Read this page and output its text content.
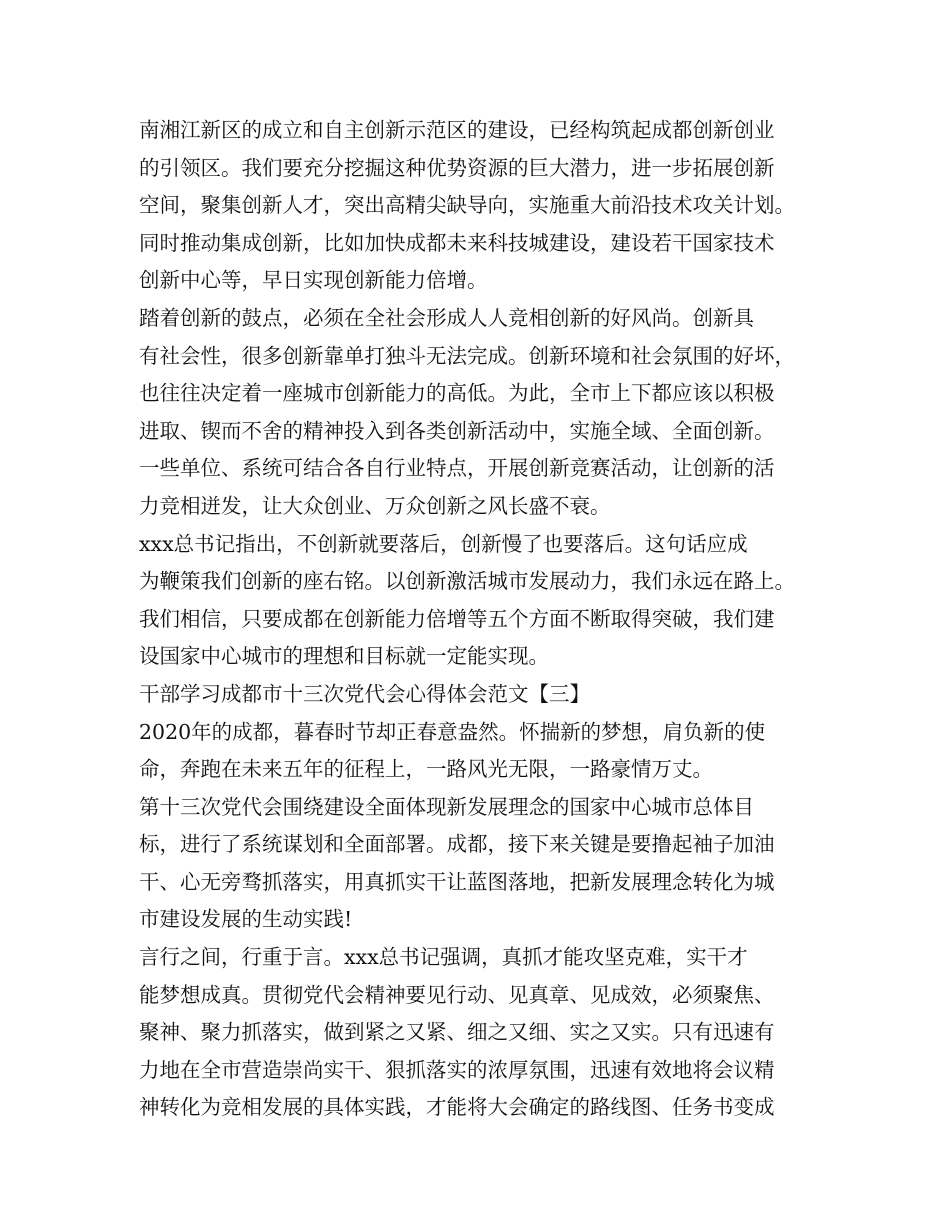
南湘江新区的成立和自主创新示范区的建设，已经构筑起成都创新创业
的引领区。我们要充分挖掘这种优势资源的巨大潜力，进一步拓展创新
空间，聚集创新人才，突出高精尖缺导向，实施重大前沿技术攻关计划。
同时推动集成创新，比如加快成都未来科技城建设，建设若干国家技术
创新中心等，早日实现创新能力倍增。
踏着创新的鼓点，必须在全社会形成人人竞相创新的好风尚。创新具
有社会性，很多创新靠单打独斗无法完成。创新环境和社会氛围的好坏，
也往往决定着一座城市创新能力的高低。为此，全市上下都应该以积极
进取、锲而不舍的精神投入到各类创新活动中，实施全域、全面创新。
一些单位、系统可结合各自行业特点，开展创新竞赛活动，让创新的活
力竞相迸发，让大众创业、万众创新之风长盛不衰。
xxx总书记指出，不创新就要落后，创新慢了也要落后。这句话应成
为鞭策我们创新的座右铭。以创新激活城市发展动力，我们永远在路上。
我们相信，只要成都在创新能力倍增等五个方面不断取得突破，我们建
设国家中心城市的理想和目标就一定能实现。
干部学习成都市十三次党代会心得体会范文【三】
2020年的成都，暮春时节却正春意盎然。怀揣新的梦想，肩负新的使
命，奔跑在未来五年的征程上，一路风光无限，一路豪情万丈。
第十三次党代会围绕建设全面体现新发展理念的国家中心城市总体目
标，进行了系统谋划和全面部署。成都，接下来关键是要撸起袖子加油
干、心无旁骛抓落实，用真抓实干让蓝图落地，把新发展理念转化为城
市建设发展的生动实践!
言行之间，行重于言。xxx总书记强调，真抓才能攻坚克难，实干才
能梦想成真。贯彻党代会精神要见行动、见真章、见成效，必须聚焦、
聚神、聚力抓落实，做到紧之又紧、细之又细、实之又实。只有迅速有
力地在全市营造崇尚实干、狠抓落实的浓厚氛围，迅速有效地将会议精
神转化为竞相发展的具体实践，才能将大会确定的路线图、任务书变成
